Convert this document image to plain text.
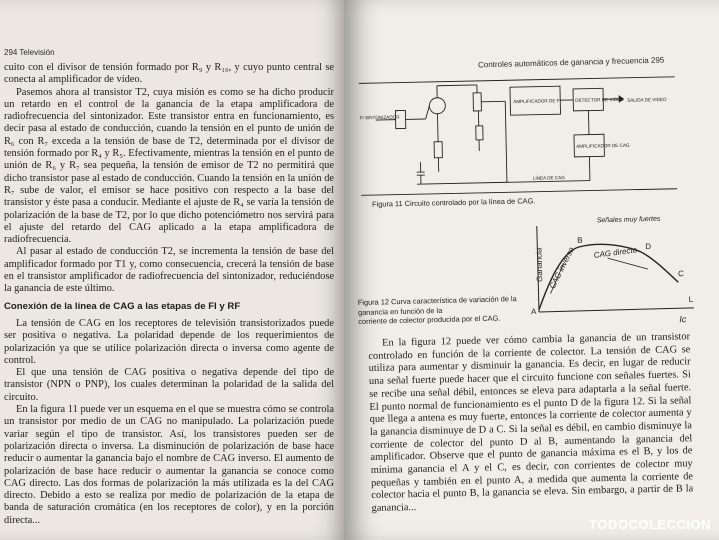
294 Televisión

cuito con el divisor de tensión formado por R₉ y R₁₀, y cuyo punto central se conecta al amplificador de vídeo.

Pasemos ahora al transistor T2, cuya misión es como se ha dicho producir un retardo en el control de la ganancia de la etapa amplificadora de radiofrecuencia del sintonizador. Este transistor entra en funcionamiento, es decir pasa al estado de conducción, cuando la tensión en el punto de unión de R₆ con R₇ exceda a la tensión de base de T2, determinada por el divisor de tensión formado por R₄ y R₅. Efectivamente, mientras la tensión en el punto de unión de R₆ y R₇ sea pequeña, la tensión de emisor de T2 no permitirá que dicho transistor pase al estado de conducción. Cuando la tensión en la unión de R₇ sube de valor, el emisor se hace positivo con respecto a la base del transistor y éste pasa a conducir. Mediante el ajuste de R₄ se varía la tensión de polarización de la base de T2, por lo que dicho potenciómetro nos servirá para el ajuste del retardo del CAG aplicado a la etapa amplificadora de radiofrecuencia.

Al pasar al estado de conducción T2, se incrementa la tensión de base del amplificador formado por T1 y, como consecuencia, crecerá la tensión de base en el transistor amplificador de radiofrecuencia del sintonizador, reduciéndose la ganancia de este último.

Conexión de la línea de CAG a las etapas de FI y RF

La tensión de CAG en los receptores de televisión transistorizados puede ser positiva o negativa. La polaridad depende de los requerimientos de polarización ya que se utilice polarización directa o inversa como agente de control.

El que una tensión de CAG positiva o negativa depende del tipo de transistor (NPN o PNP), los cuales determinan la polaridad de la salida del circuito.

En la figura 11 puede ver un esquema en el que se muestra cómo se controla un transistor por medio de un CAG no manipulado. La polarización puede variar según el tipo de transistor. Así, los transistores pueden ser de polarización directa o inversa. La disminución de polarización de base hace reducir o aumentar la ganancia bajo el nombre de CAG inverso. El aumento de polarización de base hace reducir o aumentar la ganancia se conoce como CAG directo. Las dos formas de polarización la más utilizada es la del CAG directo. Debido a esto se realiza por medio de polarización de la etapa de banda de saturación cromática (en los receptores de color), y en la porción directa...

Controles automáticos de ganancia y frecuencia 295
FI SINTONIZADOR
AMPLIFICADOR DE FI	DETECTOR DE VIDEO SALIDA DE VIDEO
AMPLIFICADOR DE CAG
LÍNEA DE CAG
Figura 11 Circuito controlado por la línea de CAG.
Ganancia
Ic
Señales muy fuertes
CAG inverso CAG directo
A
B
C
D
L
Figura 12 Curva característica de variación de la ganancia en función de la
corriente de colector producida por el CAG.

En la figura 12 puede ver cómo cambia la ganancia de un transistor controlado en función de la corriente de colector. La tensión de CAG se utiliza para aumentar y disminuir la ganancia. Es decir, en lugar de reducir una señal fuerte puede hacer que el circuito funcione con señales fuertes. Si se recibe una señal débil, entonces se eleva para adaptarla a la señal fuerte. El punto normal de funcionamiento es el punto D de la figura 12. Si la señal que llega a antena es muy fuerte, entonces la corriente de colector aumenta y la ganancia disminuye de D a C. Si la señal es débil, en cambio disminuye la corriente de colector del punto D al B, aumentando la ganancia del amplificador. Observe que el punto de ganancia máxima es el B, y los de mínima ganancia el A y el C, es decir, con corrientes de colector muy pequeñas y también en el punto A, a medida que aumenta la corriente de colector hacia el punto B, la ganancia se eleva. Sin embargo, a partir de B la ganancia...

TODOCOLECCION
